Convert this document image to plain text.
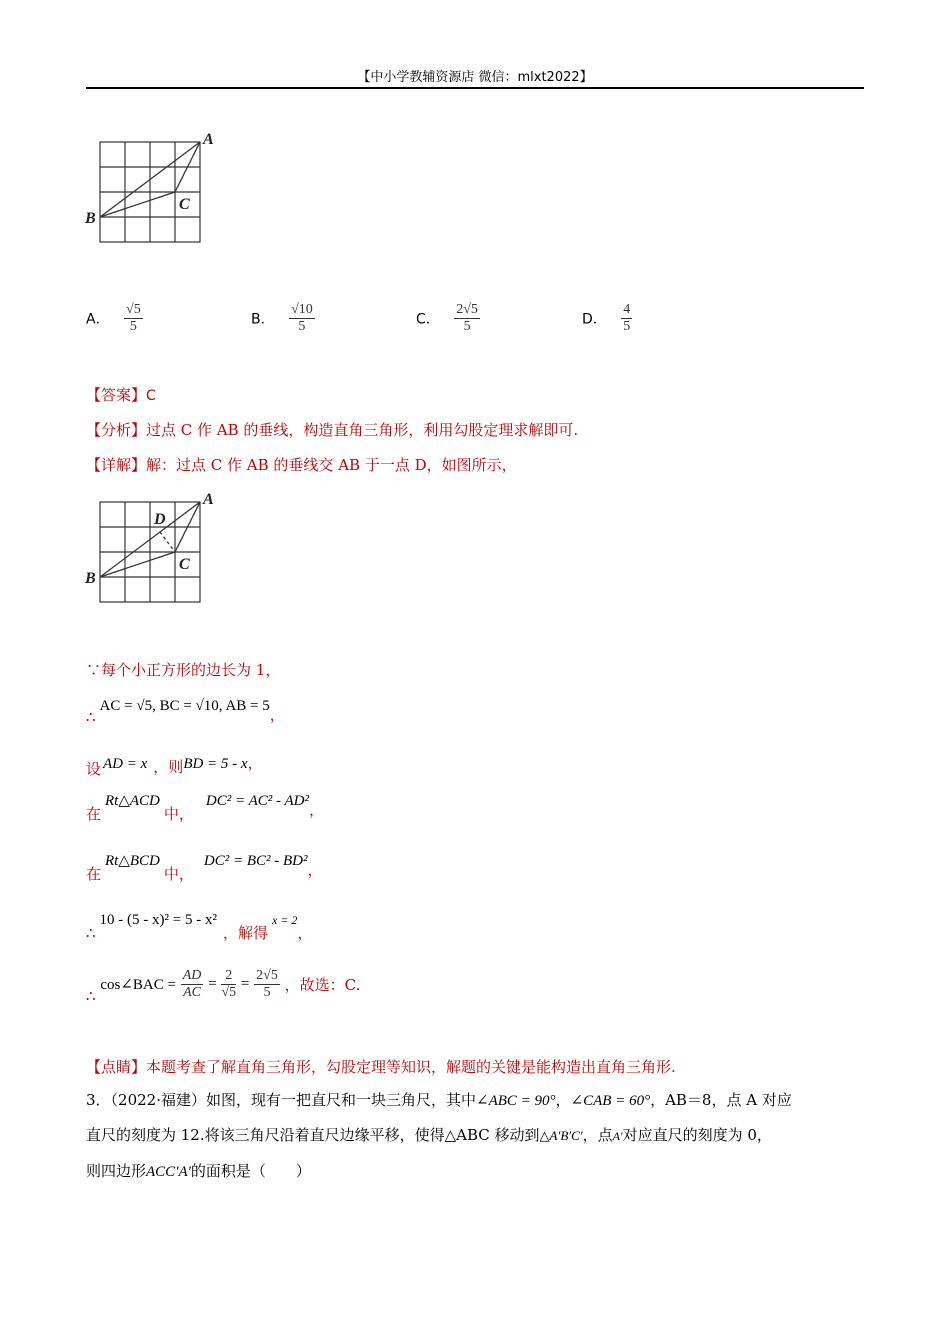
【中小学教辅资源店 微信：mlxt2022】
A
B
C
A． $\frac{√5}{5}$	B． $\frac{√10}{5}$	C． $\frac{2√5}{5}$	D． $\frac{4}{5}$
【答案】C
【分析】过点 C 作 AB 的垂线，构造直角三角形，利用勾股定理求解即可.
【详解】解：过点 C 作 AB 的垂线交 AB 于一点 D，如图所示，
A
B
C
D
∵每个小正方形的边长为 1，
∴AC = √5, BC = √10, AB = 5，
设 AD = x ，则BD = 5 - x，
在Rt△ACD中，DC² = AC² - AD²，
在Rt△BCD中，DC² = BC² - BD²，
∴10 - (5 - x)² = 5 - x²，解得x = 2，
∴ cos∠BAC = $\frac{AD}{AC} = \frac{2}{√5} = \frac{2√5}{5}$ ，故选：C.
【点睛】本题考查了解直角三角形，勾股定理等知识，解题的关键是能构造出直角三角形.
3．（2022·福建）如图，现有一把直尺和一块三角尺，其中∠ABC = 90°，∠CAB = 60°，AB＝8，点 A 对应
直尺的刻度为 12.将该三角尺沿着直尺边缘平移，使得△ABC 移动到△A′B′C′，点A′对应直尺的刻度为 0，
则四边形ACC′A′的面积是（　　）
